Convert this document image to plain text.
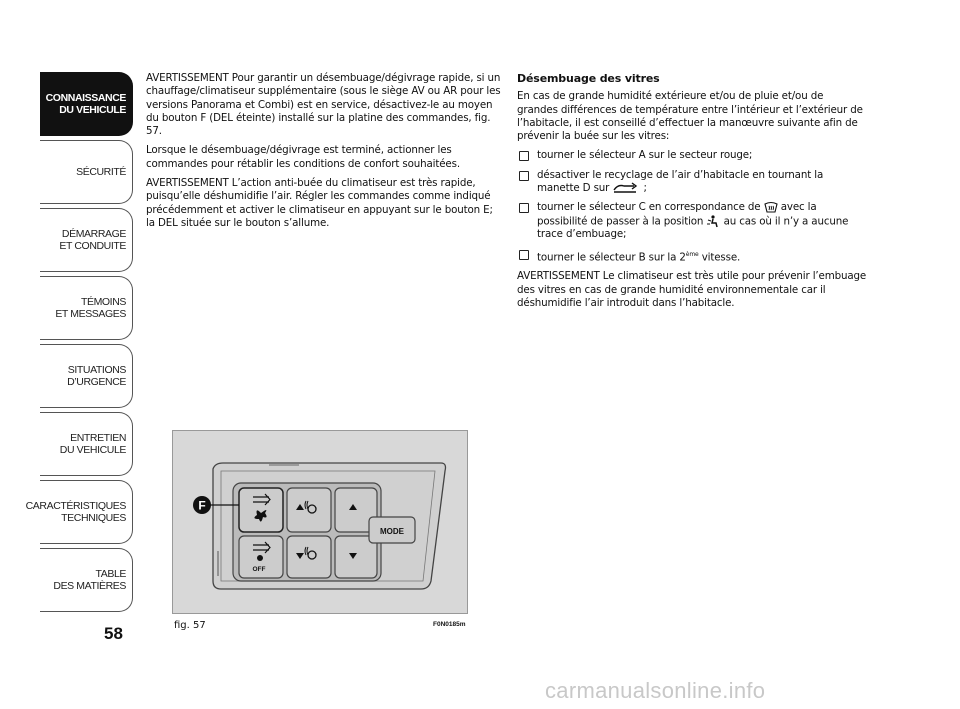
CONNAISSANCE
DU VEHICULE
SÉCURITÉ
DÉMARRAGE
ET CONDUITE
TÉMOINS
ET MESSAGES
SITUATIONS
D’URGENCE
ENTRETIEN
DU VEHICULE
CARACTÉRISTIQUES
TECHNIQUES
TABLE
DES MATIÈRES
58

AVERTISSEMENT Pour garantir un désembuage/dégivrage rapide, si un chauffage/climatiseur supplémentaire (sous le siège AV ou AR pour les versions Panorama et Combi) est en service, désactivez-le au moyen du bouton F (DEL éteinte) installé sur la platine des commandes, fig. 57.

Lorsque le désembuage/dégivrage est terminé, actionner les commandes pour rétablir les conditions de confort souhaitées.

AVERTISSEMENT L’action anti-buée du climatiseur est très rapide, puisqu’elle déshumidifie l’air. Régler les commandes comme indiqué précédemment et activer le climatiseur en appuyant sur le bouton E; la DEL située sur le bouton s’allume.

Désembuage des vitres

En cas de grande humidité extérieure et/ou de pluie et/ou de grandes différences de température entre l’intérieur et l’extérieur de l’habitacle, il est conseillé d’effectuer la manœuvre suivante afin de prévenir la buée sur les vitres:

tourner le sélecteur A sur le secteur rouge;
désactiver le recyclage de l’air d’habitacle en tournant la manette D sur	;
tourner le sélecteur C en correspondance de avec la possibilité de passer à la position au cas où il n’y a aucune trace d’embuage;
tourner le sélecteur B sur la 2ème vitesse.

AVERTISSEMENT Le climatiseur est très utile pour prévenir l’embuage des vitres en cas de grande humidité environnementale car il déshumidifie l’air introduit dans l’habitacle.

MODE
OFF
F
fig. 57	F0N0185m
carmanualsonline.info
